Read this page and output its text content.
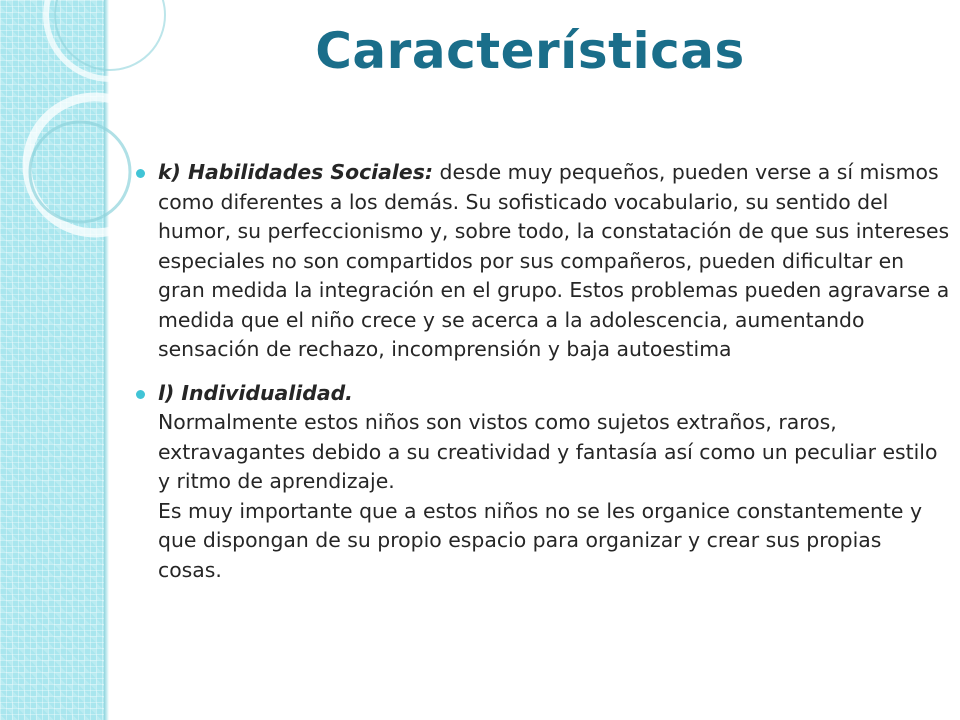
Características
k) Habilidades Sociales: desde muy pequeños, pueden verse a sí mismos como diferentes a los demás. Su sofisticado vocabulario, su sentido del humor, su perfeccionismo y, sobre todo, la constatación de que sus intereses especiales no son compartidos por sus compañeros, pueden dificultar en gran medida la integración en el grupo. Estos problemas pueden agravarse a medida que el niño crece y se acerca a la adolescencia, aumentando sensación de rechazo, incomprensión y baja autoestima
l) Individualidad.
Normalmente estos niños son vistos como sujetos extraños, raros, extravagantes debido a su creatividad y fantasía así como un peculiar estilo y ritmo de aprendizaje.
Es muy importante que a estos niños no se les organice constantemente y que dispongan de su propio espacio para organizar y crear sus propias cosas.
